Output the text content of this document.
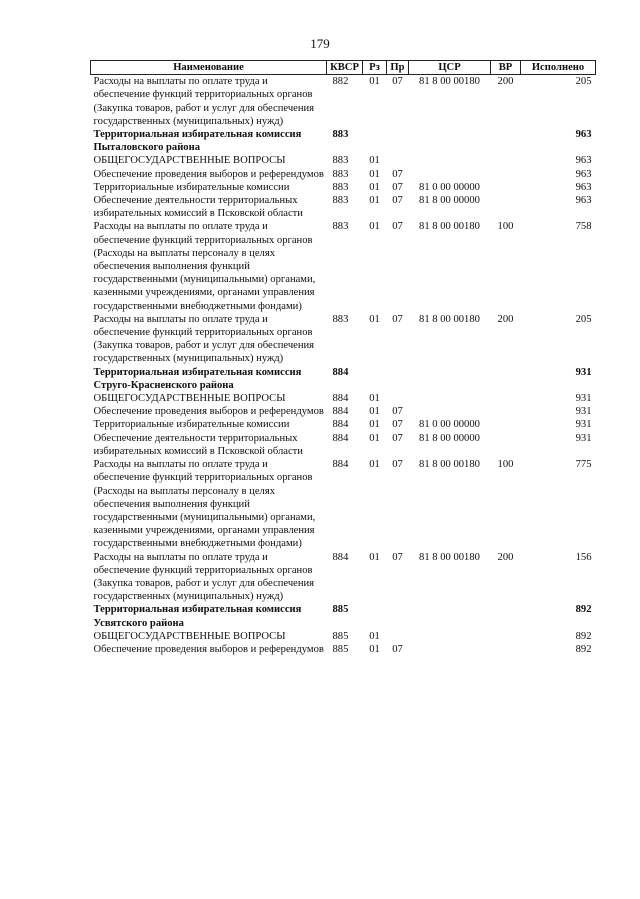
179
Наименование	КВСР	Рз	Пр	ЦСР	ВР	Исполнено
Расходы на выплаты по оплате труда и обеспечение функций территориальных органов (Закупка товаров, работ и услуг для обеспечения государственных (муниципальных) нужд)	882	01	07	81 8 00 00180	200	205
Территориальная избирательная комиссия Пыталовского района	883					963
ОБЩЕГОСУДАРСТВЕННЫЕ ВОПРОСЫ	883	01				963
Обеспечение проведения выборов и референдумов	883	01	07			963
Территориальные избирательные комиссии	883	01	07	81 0 00 00000		963
Обеспечение деятельности территориальных избирательных комиссий в Псковской области	883	01	07	81 8 00 00000		963
Расходы на выплаты по оплате труда и обеспечение функций территориальных органов (Расходы на выплаты персоналу в целях обеспечения выполнения функций государственными (муниципальными) органами, казенными учреждениями, органами управления государственными внебюджетными фондами)	883	01	07	81 8 00 00180	100	758
Расходы на выплаты по оплате труда и обеспечение функций территориальных органов (Закупка товаров, работ и услуг для обеспечения государственных (муниципальных) нужд)	883	01	07	81 8 00 00180	200	205
Территориальная избирательная комиссия Струго-Красненского района	884					931
ОБЩЕГОСУДАРСТВЕННЫЕ ВОПРОСЫ	884	01				931
Обеспечение проведения выборов и референдумов	884	01	07			931
Территориальные избирательные комиссии	884	01	07	81 0 00 00000		931
Обеспечение деятельности территориальных избирательных комиссий в Псковской области	884	01	07	81 8 00 00000		931
Расходы на выплаты по оплате труда и обеспечение функций территориальных органов (Расходы на выплаты персоналу в целях обеспечения выполнения функций государственными (муниципальными) органами, казенными учреждениями, органами управления государственными внебюджетными фондами)	884	01	07	81 8 00 00180	100	775
Расходы на выплаты по оплате труда и обеспечение функций территориальных органов (Закупка товаров, работ и услуг для обеспечения государственных (муниципальных) нужд)	884	01	07	81 8 00 00180	200	156
Территориальная избирательная комиссия Усвятского района	885					892
ОБЩЕГОСУДАРСТВЕННЫЕ ВОПРОСЫ	885	01				892
Обеспечение проведения выборов и референдумов	885	01	07			892
